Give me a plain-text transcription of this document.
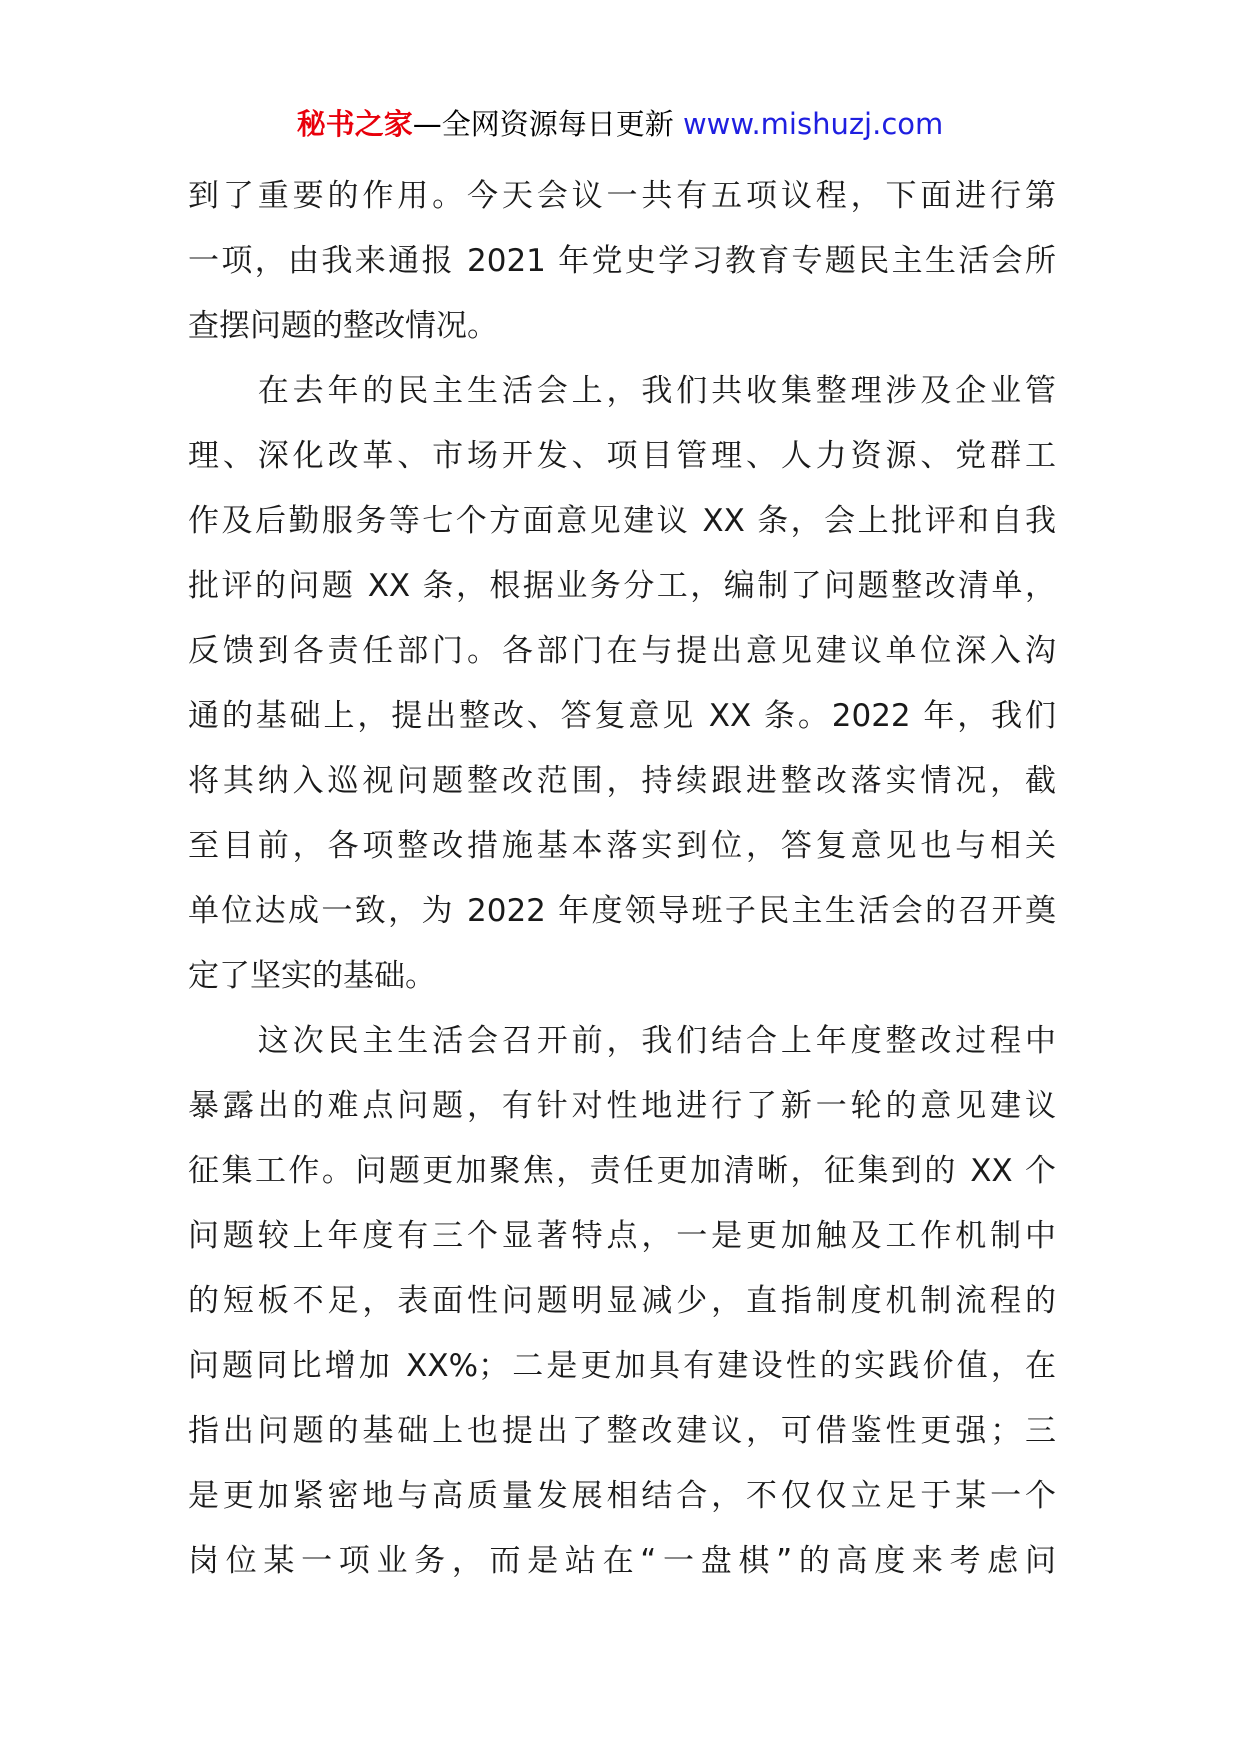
秘书之家—全网资源每日更新 www.mishuzj.com

到了重要的作用。今天会议一共有五项议程，下面进行第
一项，由我来通报 2021 年党史学习教育专题民主生活会所
查摆问题的整改情况。

　　在去年的民主生活会上，我们共收集整理涉及企业管
理、深化改革、市场开发、项目管理、人力资源、党群工
作及后勤服务等七个方面意见建议 XX 条，会上批评和自我
批评的问题 XX 条，根据业务分工，编制了问题整改清单，
反馈到各责任部门。各部门在与提出意见建议单位深入沟
通的基础上，提出整改、答复意见 XX 条。2022 年，我们
将其纳入巡视问题整改范围，持续跟进整改落实情况，截
至目前，各项整改措施基本落实到位，答复意见也与相关
单位达成一致，为 2022 年度领导班子民主生活会的召开奠
定了坚实的基础。

　　这次民主生活会召开前，我们结合上年度整改过程中
暴露出的难点问题，有针对性地进行了新一轮的意见建议
征集工作。问题更加聚焦，责任更加清晰，征集到的 XX 个
问题较上年度有三个显著特点，一是更加触及工作机制中
的短板不足，表面性问题明显减少，直指制度机制流程的
问题同比增加 XX%；二是更加具有建设性的实践价值，在
指出问题的基础上也提出了整改建议，可借鉴性更强；三
是更加紧密地与高质量发展相结合，不仅仅立足于某一个
岗位某一项业务，而是站在“一盘棋”的高度来考虑问
